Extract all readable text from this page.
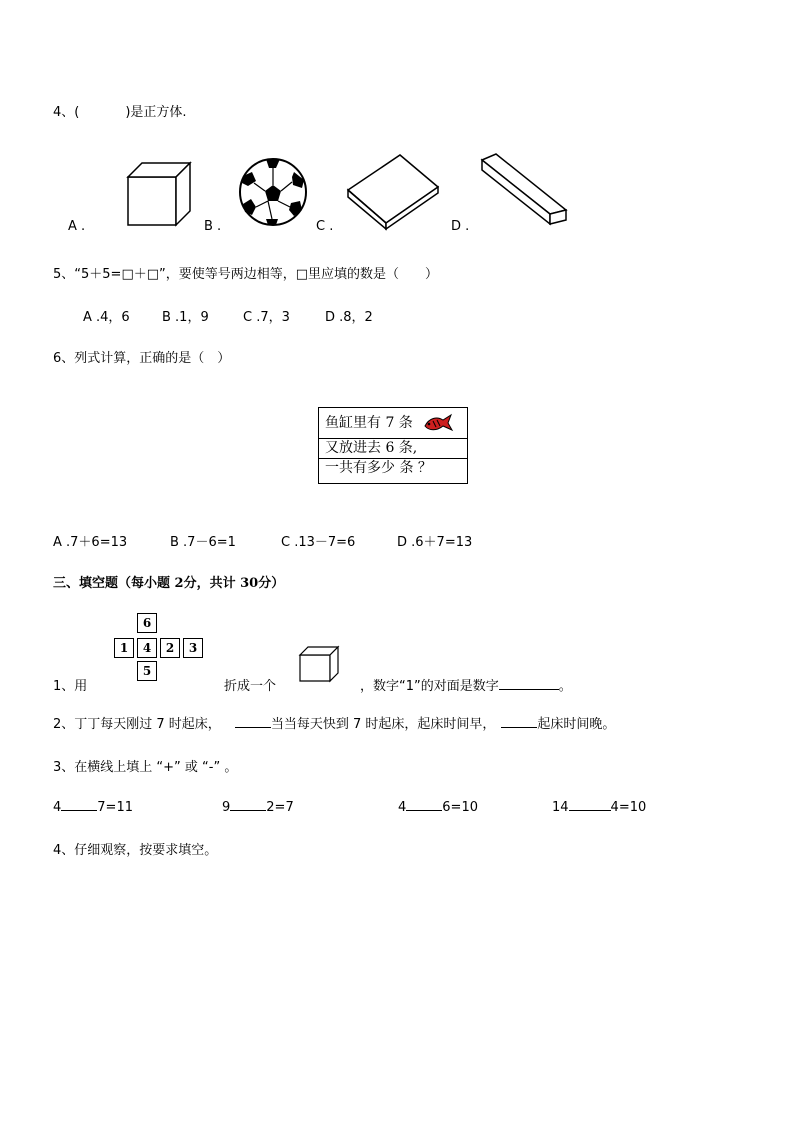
4、(	)是正方体.
A .	B .	C .	D .
5、“5＋5=□＋□”，要使等号两边相等，□里应填的数是（　　）
A .4，6 B .1，9	C .7，3	D .8，2
6、列式计算，正确的是（　）
鱼缸里有 7 条
又放进去 6 条,
一共有多少 条 ？
A .7＋6=13	B .7－6=1	C .13－7=6	D .6＋7=13
三、填空题（每小题 2分，共计 30分）
6
1	4	2	3
5
1、用	折成一个	，数字“1”的对面是数字	。
2、丁丁每天刚过 7 时起床，	当当每天快到 7 时起床，起床时间早，	起床时间晚。
3、在横线上填上 “+” 或 “-” 。
4	7=11	9	2=7	4	6=10	14	4=10
4、仔细观察，按要求填空。
